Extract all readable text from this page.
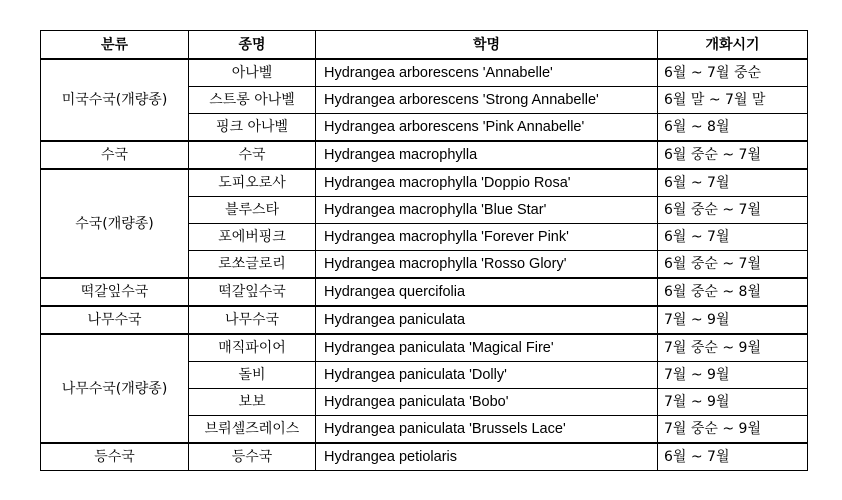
분류	종명	학명	개화시기
미국수국(개량종)	아나벨	Hydrangea arborescens 'Annabelle'	6월 ~ 7월 중순
	스트롱 아나벨	Hydrangea arborescens 'Strong Annabelle'	6월 말 ~ 7월 말
	핑크 아나벨	Hydrangea arborescens 'Pink Annabelle'	6월 ~ 8월
수국	수국	Hydrangea macrophylla	6월 중순 ~ 7월
수국(개량종)	도피오로사	Hydrangea macrophylla 'Doppio Rosa'	6월 ~ 7월
	블루스타	Hydrangea macrophylla 'Blue Star'	6월 중순 ~ 7월
	포에버핑크	Hydrangea macrophylla 'Forever Pink'	6월 ~ 7월
	로쏘글로리	Hydrangea macrophylla 'Rosso Glory'	6월 중순 ~ 7월
떡갈잎수국	떡갈잎수국	Hydrangea quercifolia	6월 중순 ~ 8월
나무수국	나무수국	Hydrangea paniculata	7월 ~ 9월
나무수국(개량종)	매직파이어	Hydrangea paniculata 'Magical Fire'	7월 중순 ~ 9월
	돌비	Hydrangea paniculata 'Dolly'	7월 ~ 9월
	보보	Hydrangea paniculata 'Bobo'	7월 ~ 9월
	브뤼셀즈레이스	Hydrangea paniculata 'Brussels Lace'	7월 중순 ~ 9월
등수국	등수국	Hydrangea petiolaris	6월 ~ 7월
